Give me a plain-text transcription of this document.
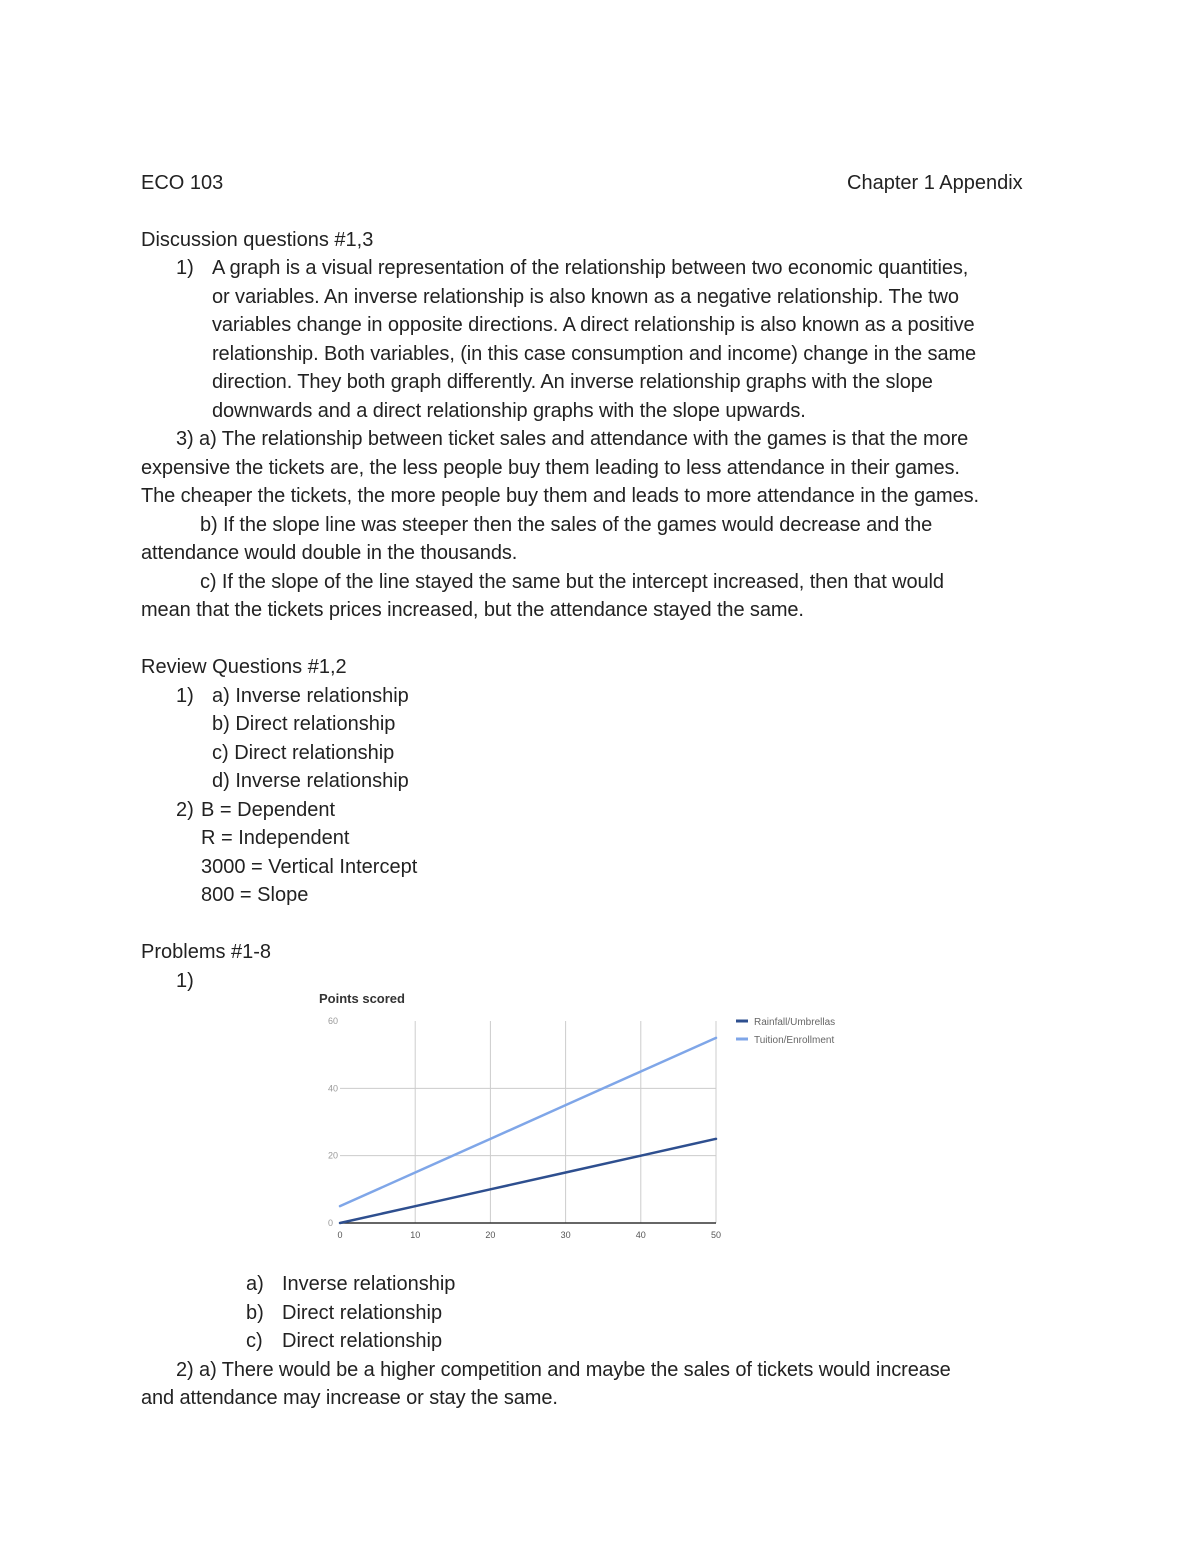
ECO 103	Chapter 1 Appendix
Discussion questions #1,3
1) A graph is a visual representation of the relationship between two economic quantities,
or variables. An inverse relationship is also known as a negative relationship. The two
variables change in opposite directions. A direct relationship is also known as a positive
relationship. Both variables, (in this case consumption and income) change in the same
direction. They both graph differently. An inverse relationship graphs with the slope
downwards and a direct relationship graphs with the slope upwards.
3) a) The relationship between ticket sales and attendance with the games is that the more
expensive the tickets are, the less people buy them leading to less attendance in their games.
The cheaper the tickets, the more people buy them and leads to more attendance in the games.
b) If the slope line was steeper then the sales of the games would decrease and the
attendance would double in the thousands.
c) If the slope of the line stayed the same but the intercept increased, then that would
mean that the tickets prices increased, but the attendance stayed the same.
Review Questions #1,2
1) a) Inverse relationship
b) Direct relationship
c) Direct relationship
d) Inverse relationship
2) B = Dependent
R = Independent
3000 = Vertical Intercept
800 = Slope
Problems #1-8
1)
Points scored
0	10	20	30	40	50
0
20
40
60	Rainfall/Umbrellas
Tuition/Enrollment
a) Inverse relationship
b) Direct relationship
c) Direct relationship
2) a) There would be a higher competition and maybe the sales of tickets would increase
and attendance may increase or stay the same.
